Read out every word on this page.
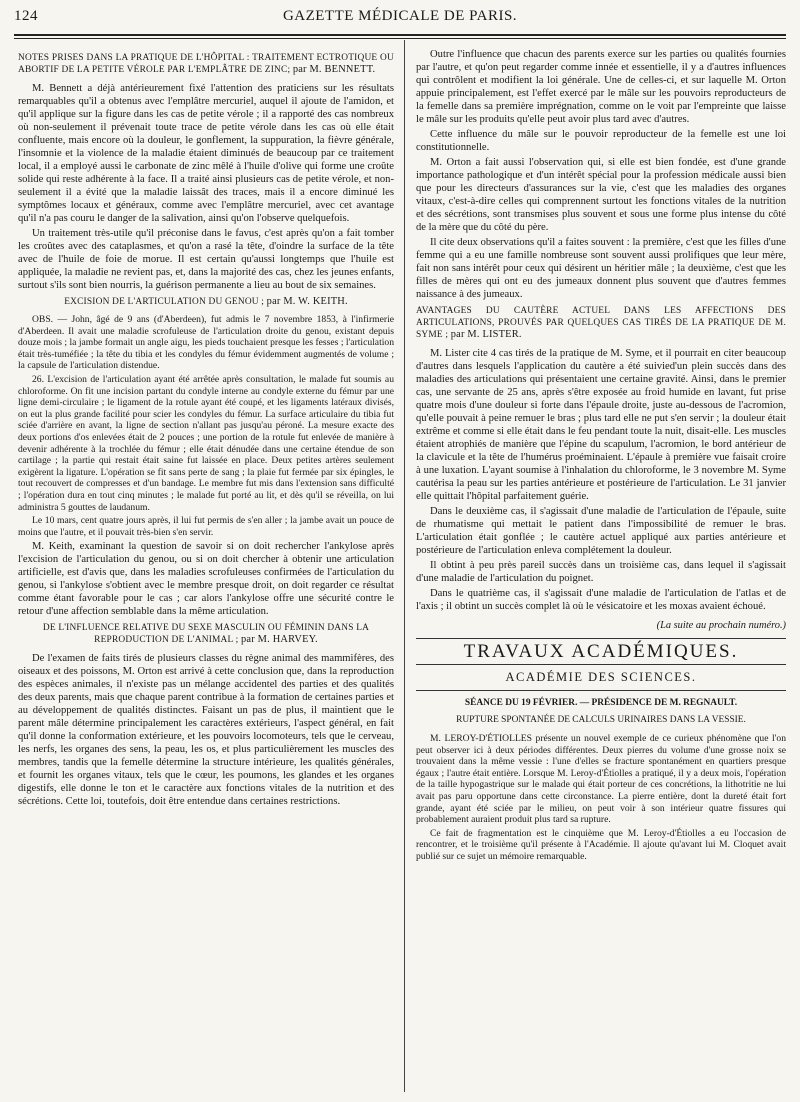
124	GAZETTE MÉDICALE DE PARIS.
NOTES PRISES DANS LA PRATIQUE DE L'HÔPITAL : TRAITEMENT ECTROTIQUE OU ABORTIF DE LA PETITE VÉROLE PAR L'EMPLÂTRE DE ZINC; par M. BENNETT.

M. Bennett a déjà antérieurement fixé l'attention des praticiens sur les résultats remarquables qu'il a obtenus avec l'emplâtre mercuriel, auquel il ajoute de l'amidon, et qu'il applique sur la figure dans les cas de petite vérole ; il a rapporté des cas nombreux où non-seulement il prévenait toute trace de petite vérole dans les cas où elle était confluente, mais encore où la douleur, le gonflement, la suppuration, la fièvre générale, l'insomnie et la violence de la maladie étaient diminués de beaucoup par ce traitement local, il a employé aussi le carbonate de zinc mêlé à l'huile d'olive qui forme une croûte solide qui reste adhérente à la face. Il a traité ainsi plusieurs cas de petite vérole, et non-seulement il a évité que la maladie laissât des traces, mais il a encore diminué les symptômes locaux et généraux, comme avec l'emplâtre mercuriel, avec cet avantage qu'il n'a pas couru le danger de la salivation, ainsi qu'on l'observe quelquefois.

Un traitement très-utile qu'il préconise dans le favus, c'est après qu'on a fait tomber les croûtes avec des cataplasmes, et qu'on a rasé la tête, d'oindre la surface de la tête avec de l'huile de foie de morue. Il est certain qu'aussi longtemps que l'huile est appliquée, la maladie ne revient pas, et, dans la majorité des cas, chez les jeunes enfants, surtout s'ils sont bien nourris, la guérison permanente a lieu au bout de six semaines.

EXCISION DE L'ARTICULATION DU GENOU ; par M. W. KEITH.

OBS. — John, âgé de 9 ans (d'Aberdeen), fut admis le 7 novembre 1853, à l'infirmerie d'Aberdeen. Il avait une maladie scrofuleuse de l'articulation droite du genou, existant depuis douze mois ; la jambe formait un angle aigu, les pieds touchaient presque les fesses ; l'articulation était très-tuméfiée ; la tête du tibia et les condyles du fémur évidemment augmentés de volume ; la capsule de l'articulation distendue.

26. L'excision de l'articulation ayant été arrêtée après consultation, le malade fut soumis au chloroforme. On fit une incision partant du condyle interne au condyle externe du fémur par une ligne demi-circulaire ; le ligament de la rotule ayant été coupé, et les ligaments latéraux divisés, on eut la plus grande facilité pour scier les condyles du fémur. La surface articulaire du tibia fut sciée d'arrière en avant, la ligne de section n'allant pas jusqu'au péroné. La mesure exacte des deux portions d'os enlevées était de 2 pouces ; une portion de la rotule fut enlevée de manière à devenir adhérente à la trochlée du fémur ; elle était dénudée dans une certaine étendue de son cartilage ; la partie qui restait était saine fut laissée en place. Deux petites artères seulement exigèrent la ligature. L'opération se fit sans perte de sang ; la plaie fut fermée par six épingles, le tout recouvert de compresses et d'un bandage. Le membre fut mis dans l'extension sans difficulté ; l'opération dura en tout cinq minutes ; le malade fut porté au lit, et dès qu'il se réveilla, on lui administra 5 gouttes de laudanum.

Le 10 mars, cent quatre jours après, il lui fut permis de s'en aller ; la jambe avait un pouce de moins que l'autre, et il pouvait très-bien s'en servir.

M. Keith, examinant la question de savoir si on doit rechercher l'ankylose après l'excision de l'articulation du genou, ou si on doit chercher à obtenir une articulation artificielle, est d'avis que, dans les maladies scrofuleuses confirmées de l'articulation du genou, si l'ankylose s'obtient avec le membre presque droit, on doit regarder ce résultat comme étant favorable pour le cas ; car alors l'ankylose offre une sécurité contre le retour d'une affection semblable dans la même articulation.

DE L'INFLUENCE RELATIVE DU SEXE MASCULIN OU FÉMININ DANS LA REPRODUCTION DE L'ANIMAL ; par M. HARVEY.

De l'examen de faits tirés de plusieurs classes du règne animal des mammifères, des oiseaux et des poissons, M. Orton est arrivé à cette conclusion que, dans la reproduction des espèces animales, il n'existe pas un mélange accidentel des parties et des qualités des deux parents, mais que chaque parent contribue à la formation de certaines parties et au développement de qualités distinctes. Faisant un pas de plus, il maintient que le parent mâle détermine principalement les caractères extérieurs, l'aspect général, en fait qu'il donne la conformation extérieure, et les pouvoirs locomoteurs, tels que le cerveau, les nerfs, les organes des sens, la peau, les os, et plus particulièrement les muscles des membres, tandis que la femelle détermine la structure intérieure, les qualités générales, et fournit les organes vitaux, tels que le cœur, les poumons, les glandes et les organes digestifs, elle donne le ton et le caractère aux fonctions vitales de la nutrition et des sécrétions. Cette loi, toutefois, doit être entendue dans certaines restrictions.

Outre l'influence que chacun des parents exerce sur les parties ou qualités fournies par l'autre, et qu'on peut regarder comme innée et essentielle, il y a d'autres influences qui contrôlent et modifient la loi générale. Une de celles-ci, et sur laquelle M. Orton appuie principalement, est l'effet exercé par le mâle sur les pouvoirs reproducteurs de la femelle dans sa première imprégnation, comme on le voit par l'empreinte que laisse le mâle sur les produits qu'elle peut avoir plus tard avec d'autres.

Cette influence du mâle sur le pouvoir reproducteur de la femelle est une loi constitutionnelle.

M. Orton a fait aussi l'observation qui, si elle est bien fondée, est d'une grande importance pathologique et d'un intérêt spécial pour la profession médicale aussi bien que pour les directeurs d'assurances sur la vie, c'est que les maladies des organes vitaux, c'est-à-dire celles qui comprennent surtout les fonctions vitales de la nutrition et des sécrétions, sont transmises plus souvent et sous une forme plus intense du côté de la mère que du côté du père.

Il cite deux observations qu'il a faites souvent : la première, c'est que les filles d'une femme qui a eu une famille nombreuse sont souvent aussi prolifiques que leur mère, fait non sans intérêt pour ceux qui désirent un héritier mâle ; la deuxième, c'est que les filles de mères qui ont eu des jumeaux donnent plus souvent que d'autres femmes naissance à des jumeaux.

AVANTAGES DU CAUTÈRE ACTUEL DANS LES AFFECTIONS DES ARTICULATIONS, PROUVÉS PAR QUELQUES CAS TIRÉS DE LA PRATIQUE DE M. SYME ; par M. LISTER.

M. Lister cite 4 cas tirés de la pratique de M. Syme, et il pourrait en citer beaucoup d'autres dans lesquels l'application du cautère a été suivied'un plein succès dans des maladies des articulations qui présentaient une certaine gravité. Ainsi, dans le premier cas, une servante de 25 ans, après s'être exposée au froid humide en lavant, fut prise quatre mois d'une douleur si forte dans l'épaule droite, juste au-dessous de l'acromion, qu'elle pouvait à peine remuer le bras ; plus tard elle ne put s'en servir ; la douleur était extrême et comme si elle était dans le feu pendant toute la nuit, disait-elle. Les muscles étaient atrophiés de manière que l'épine du scapulum, l'acromion, le bord antérieur de la clavicule et la tête de l'humérus proéminaient. L'épaule à première vue faisait croire à une luxation. L'ayant soumise à l'inhalation du chloroforme, le 3 novembre M. Syme cautérisa la peau sur les parties antérieure et postérieure de l'articulation. Le 31 janvier elle quittait l'hôpital parfaitement guérie.

Dans le deuxième cas, il s'agissait d'une maladie de l'articulation de l'épaule, suite de rhumatisme qui mettait le patient dans l'impossibilité de remuer le bras. L'articulation était gonflée ; le cautère actuel appliqué aux parties antérieure et postérieure de l'articulation enleva complétement la douleur.

Il obtint à peu près pareil succès dans un troisième cas, dans lequel il s'agissait d'une maladie de l'articulation du poignet.

Dans le quatrième cas, il s'agissait d'une maladie de l'articulation de l'atlas et de l'axis ; il obtint un succès complet là où le vésicatoire et les moxas avaient échoué.

(La suite au prochain numéro.)
TRAVAUX ACADÉMIQUES.
ACADÉMIE DES SCIENCES.
SÉANCE DU 19 FÉVRIER. — PRÉSIDENCE DE M. REGNAULT.
RUPTURE SPONTANÉE DE CALCULS URINAIRES DANS LA VESSIE.

M. LEROY-D'ÉTIOLLES présente un nouvel exemple de ce curieux phénomène que l'on peut observer ici à deux périodes différentes. Deux pierres du volume d'une grosse noix se trouvaient dans la même vessie : l'une d'elles se fracture spontanément en quartiers presque égaux ; l'autre était entière. Lorsque M. Leroy-d'Étiolles a pratiqué, il y a deux mois, l'opération de la taille hypogastrique sur le malade qui était porteur de ces concrétions, la lithotritie ne lui avait pas paru opportune dans cette circonstance. La pierre entière, dont la dureté était fort grande, ayant été sciée par le milieu, on peut voir à son intérieur quatre fissures qui probablement auraient produit plus tard sa rupture.

Ce fait de fragmentation est le cinquième que M. Leroy-d'Étiolles a eu l'occasion de rencontrer, et le troisième qu'il présente à l'Académie. Il ajoute qu'avant lui M. Cloquet avait publié sur ce sujet un mémoire remarquable.
